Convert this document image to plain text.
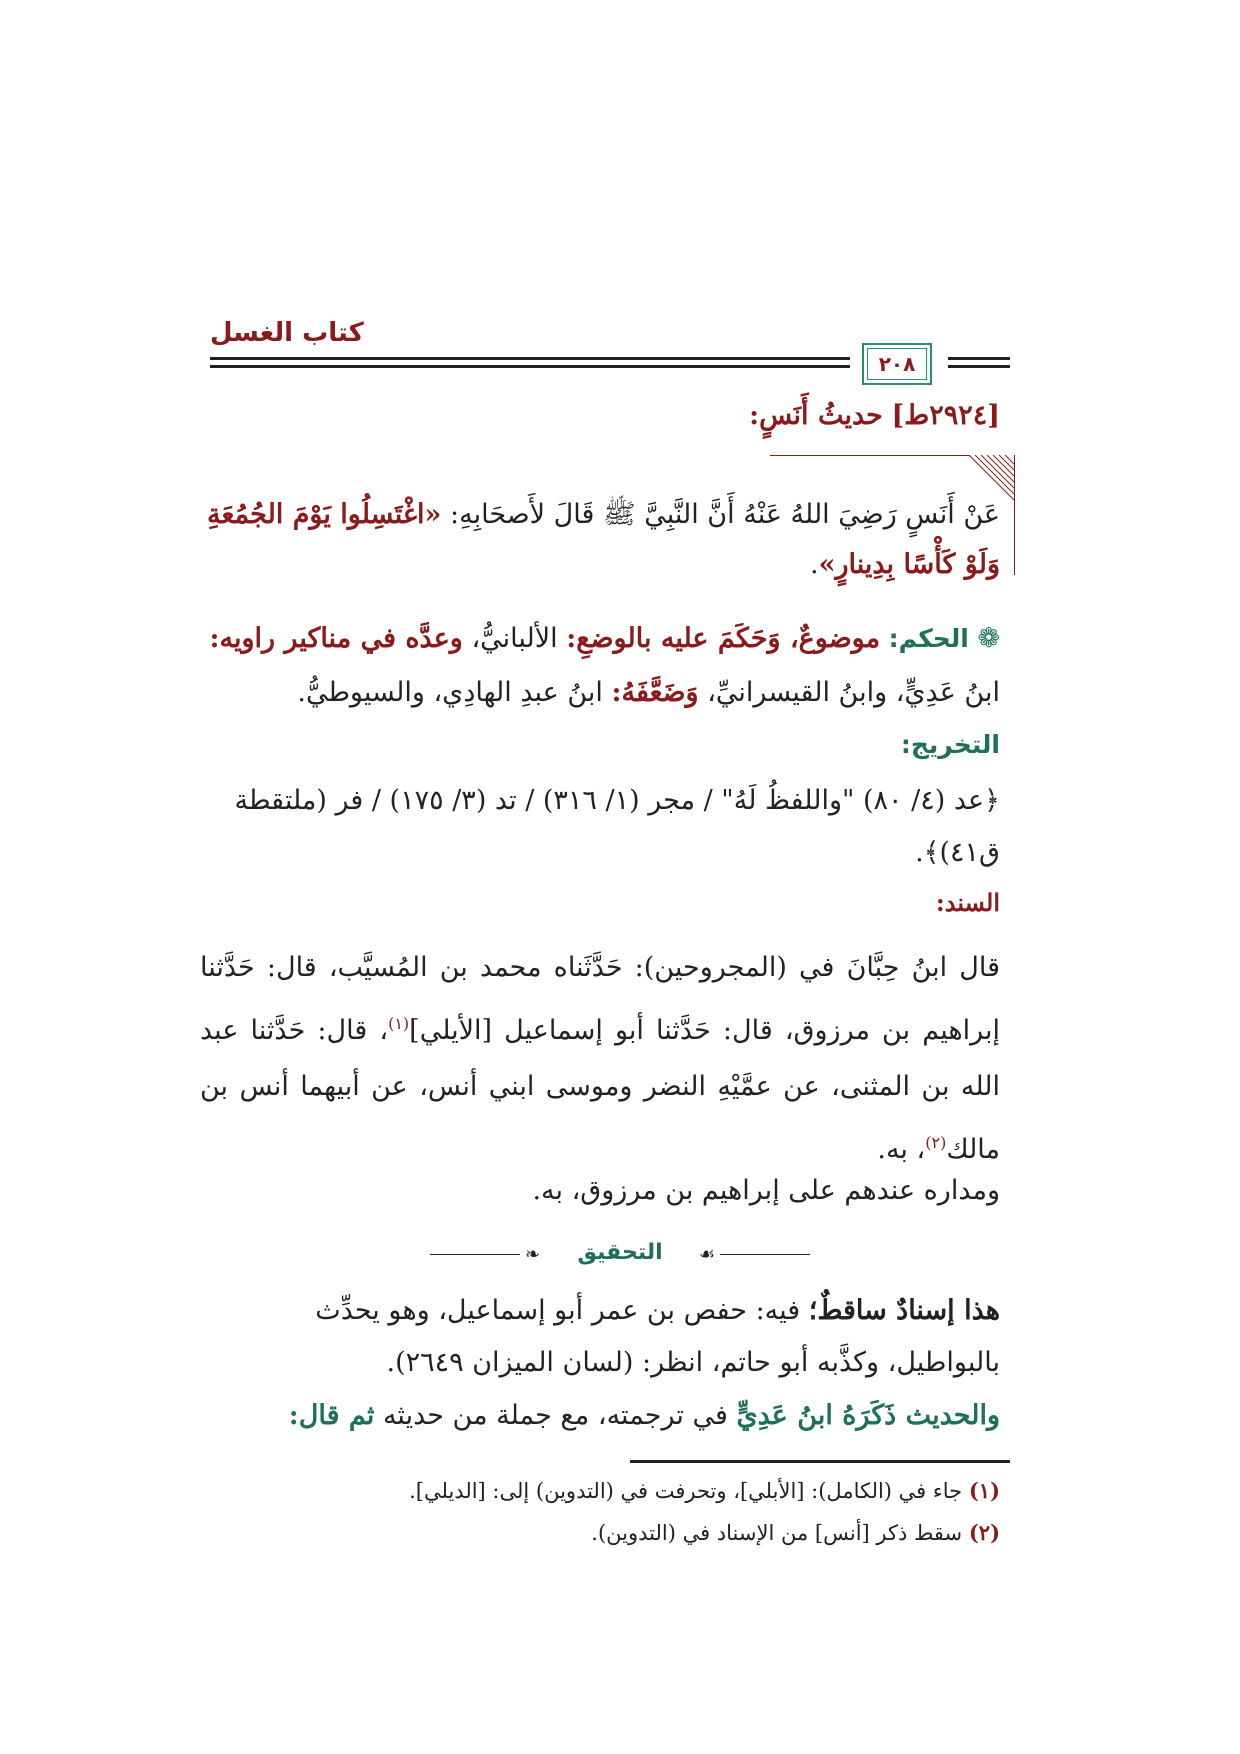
كتاب الغسل
٢٠٨
[٢٩٢٤ط] حديثُ أَنَسٍ:
عَنْ أَنَسٍ رَضِيَ اللهُ عَنْهُ أَنَّ النَّبِيَّ ﷺ قَالَ لأَصحَابِهِ: «اغْتَسِلُوا يَوْمَ الجُمُعَةِ وَلَوْ كَأْسًا بِدِينارٍ».
❁ الحكم: موضوعٌ، وَحَكَمَ عليه بالوضعِ: الألبانيُّ، وعدَّه في مناكير راويه: ابنُ عَدِيٍّ، وابنُ القيسرانيِّ، وَضَعَّفَهُ: ابنُ عبدِ الهادِي، والسيوطيُّ.
التخريج:
﴿عد (٤/ ٨٠) "واللفظُ لَهُ" / مجر (١/ ٣١٦) / تد (٣/ ١٧٥) / فر (ملتقطة ق٤١)﴾.
السند:
قال ابنُ حِبَّانَ في (المجروحين): حَدَّثَناه محمد بن المُسيَّب، قال: حَدَّثنا إبراهيم بن مرزوق، قال: حَدَّثنا أبو إسماعيل [الأيلي]$^{(١)}$، قال: حَدَّثنا عبد الله بن المثنى، عن عمَّيْهِ النضر وموسى ابني أنس، عن أبيهما أنس بن مالك$^{(٢)}$، به.
ومداره عندهم على إبراهيم بن مرزوق، به.
❧	التحقيق	☙
هذا إسنادٌ ساقطٌ؛ فيه: حفص بن عمر أبو إسماعيل، وهو يحدِّث بالبواطيل، وكذَّبه أبو حاتم، انظر: (لسان الميزان ٢٦٤٩).
والحديث ذَكَرَهُ ابنُ عَدِيٍّ في ترجمته، مع جملة من حديثه ثم قال:
(١) جاء في (الكامل): [الأبلي]، وتحرفت في (التدوين) إلى: [الديلي].
(٢) سقط ذكر [أنس] من الإسناد في (التدوين).
